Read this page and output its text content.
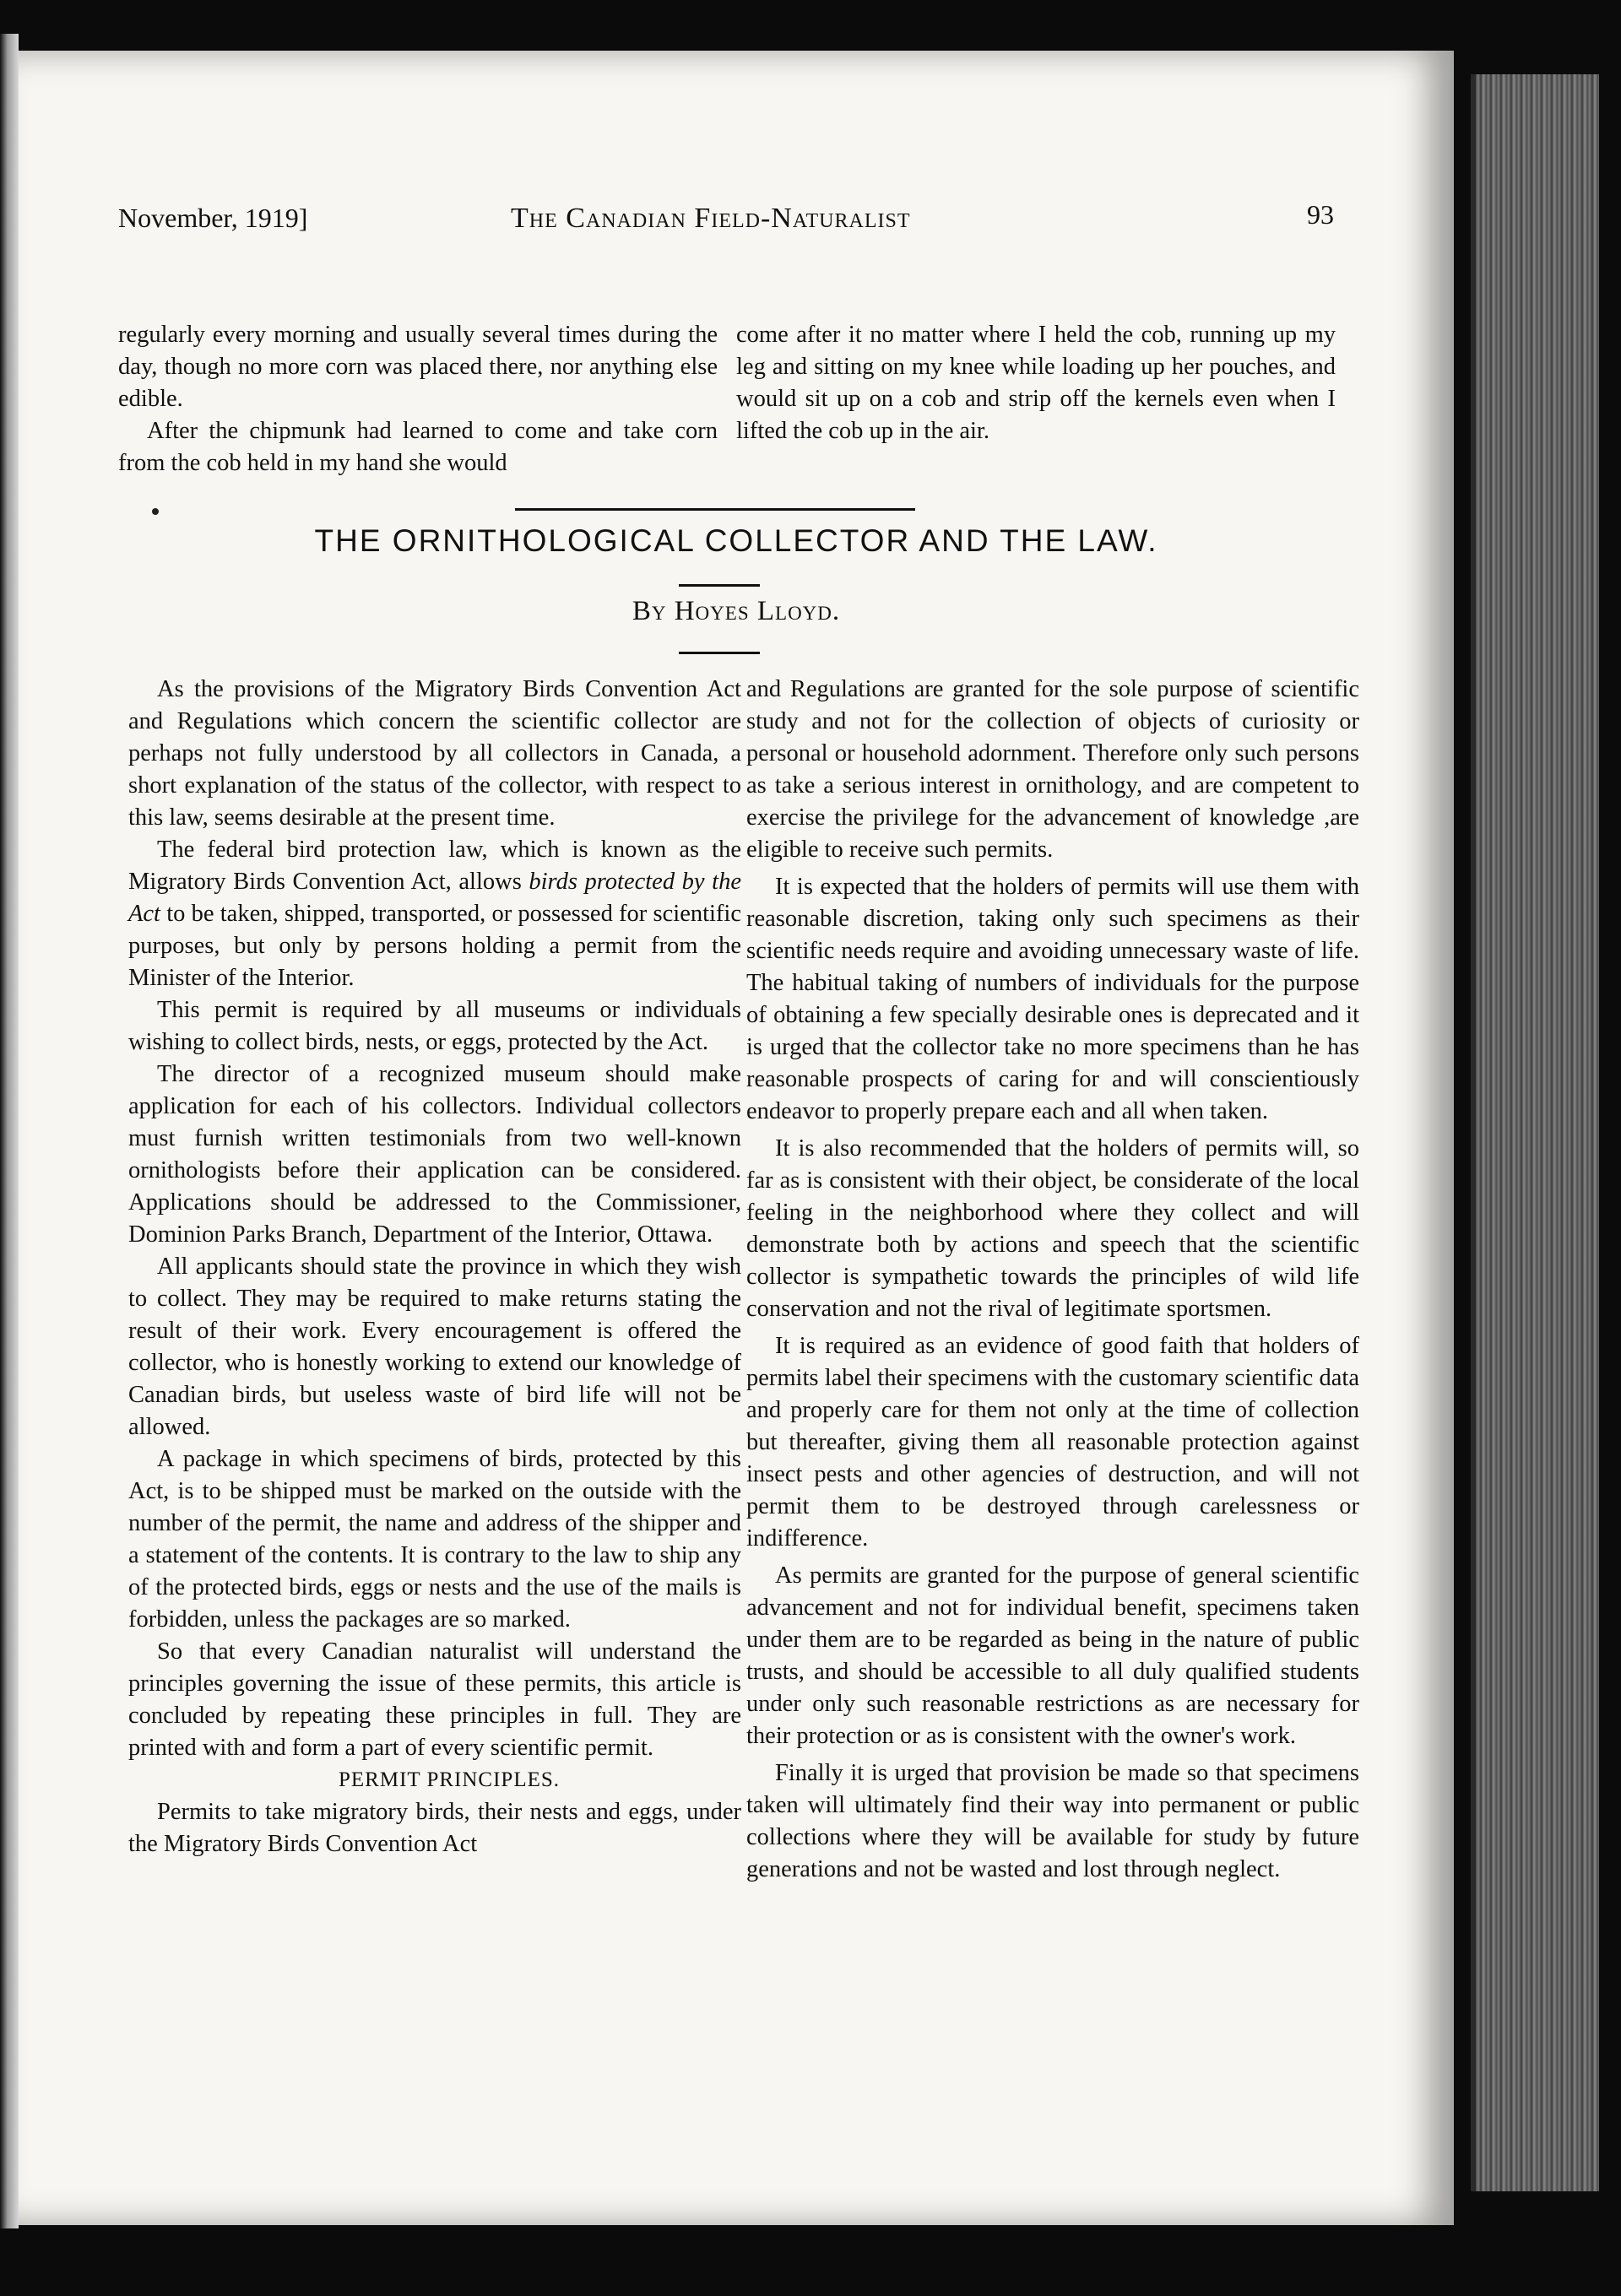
November, 1919]	The Canadian Field-Naturalist	93

regularly every morning and usually several times during the day, though no more corn was placed there, nor anything else edible.

After the chipmunk had learned to come and take corn from the cob held in my hand she would

come after it no matter where I held the cob, running up my leg and sitting on my knee while loading up her pouches, and would sit up on a cob and strip off the kernels even when I lifted the cob up in the air.

THE ORNITHOLOGICAL COLLECTOR AND THE LAW.
By Hoyes Lloyd.

As the provisions of the Migratory Birds Convention Act and Regulations which concern the scientific collector are perhaps not fully understood by all collectors in Canada, a short explanation of the status of the collector, with respect to this law, seems desirable at the present time.

The federal bird protection law, which is known as the Migratory Birds Convention Act, allows birds protected by the Act to be taken, shipped, transported, or possessed for scientific purposes, but only by persons holding a permit from the Minister of the Interior.

This permit is required by all museums or individuals wishing to collect birds, nests, or eggs, protected by the Act.

The director of a recognized museum should make application for each of his collectors. Individual collectors must furnish written testimonials from two well-known ornithologists before their application can be considered. Applications should be addressed to the Commissioner, Dominion Parks Branch, Department of the Interior, Ottawa.

All applicants should state the province in which they wish to collect. They may be required to make returns stating the result of their work. Every encouragement is offered the collector, who is honestly working to extend our knowledge of Canadian birds, but useless waste of bird life will not be allowed.

A package in which specimens of birds, protected by this Act, is to be shipped must be marked on the outside with the number of the permit, the name and address of the shipper and a statement of the contents. It is contrary to the law to ship any of the protected birds, eggs or nests and the use of the mails is forbidden, unless the packages are so marked.

So that every Canadian naturalist will understand the principles governing the issue of these permits, this article is concluded by repeating these principles in full. They are printed with and form a part of every scientific permit.

PERMIT PRINCIPLES.

Permits to take migratory birds, their nests and eggs, under the Migratory Birds Convention Act

and Regulations are granted for the sole purpose of scientific study and not for the collection of objects of curiosity or personal or household adornment. Therefore only such persons as take a serious interest in ornithology, and are competent to exercise the privilege for the advancement of knowledge ,are eligible to receive such permits.

It is expected that the holders of permits will use them with reasonable discretion, taking only such specimens as their scientific needs require and avoiding unnecessary waste of life. The habitual taking of numbers of individuals for the purpose of obtaining a few specially desirable ones is deprecated and it is urged that the collector take no more specimens than he has reasonable prospects of caring for and will conscientiously endeavor to properly prepare each and all when taken.

It is also recommended that the holders of permits will, so far as is consistent with their object, be considerate of the local feeling in the neighborhood where they collect and will demonstrate both by actions and speech that the scientific collector is sympathetic towards the principles of wild life conservation and not the rival of legitimate sportsmen.

It is required as an evidence of good faith that holders of permits label their specimens with the customary scientific data and properly care for them not only at the time of collection but thereafter, giving them all reasonable protection against insect pests and other agencies of destruction, and will not permit them to be destroyed through carelessness or indifference.

As permits are granted for the purpose of general scientific advancement and not for individual benefit, specimens taken under them are to be regarded as being in the nature of public trusts, and should be accessible to all duly qualified students under only such reasonable restrictions as are necessary for their protection or as is consistent with the owner's work.

Finally it is urged that provision be made so that specimens taken will ultimately find their way into permanent or public collections where they will be available for study by future generations and not be wasted and lost through neglect.
